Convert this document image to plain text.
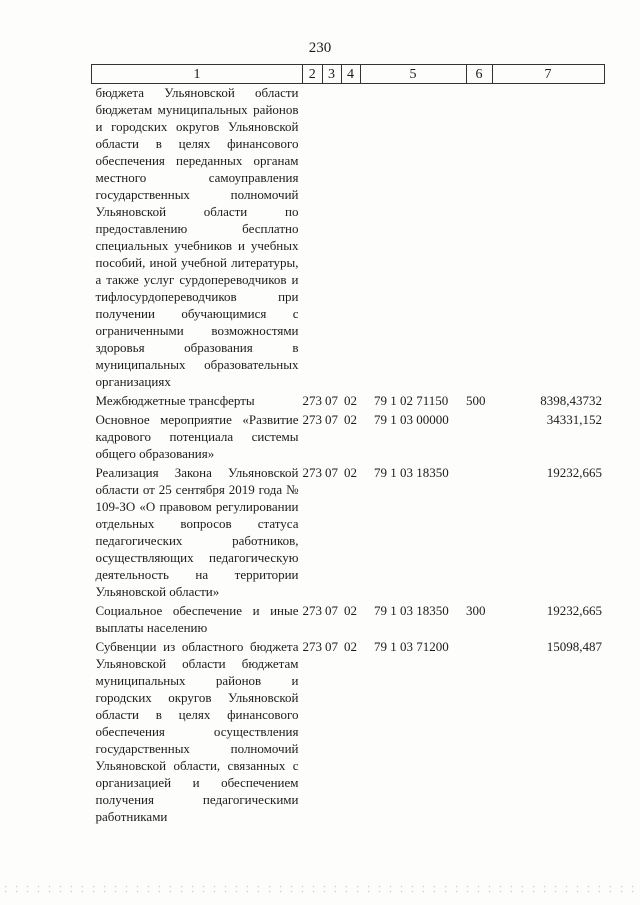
230
1	2	3	4	5	6	7
бюджета Ульяновской области бюджетам муниципальных районов и городских округов Ульяновской области в целях финансового обеспечения переданных органам местного самоуправления государственных полномочий Ульяновской области по предоставлению бесплатно специальных учебников и учебных пособий, иной учебной литературы, а также услуг сурдопереводчиков и тифлосурдопереводчиков при получении обучающимися с ограниченными возможностями здоровья образования в муниципальных образовательных организациях						
Межбюджетные трансферты	273	07	02	79 1 02 71150	500	8398,43732
Основное мероприятие «Развитие кадрового потенциала системы общего образования»	273	07	02	79 1 03 00000		34331,152
Реализация Закона Ульяновской области от 25 сентября 2019 года № 109-ЗО «О правовом регулировании отдельных вопросов статуса педагогических работников, осуществляющих педагогическую деятельность на территории Ульяновской области»	273	07	02	79 1 03 18350		19232,665
Социальное обеспечение и иные выплаты населению	273	07	02	79 1 03 18350	300	19232,665
Субвенции из областного бюджета Ульяновской области бюджетам муниципальных районов и городских округов Ульяновской области в целях финансового обеспечения осуществления государственных полномочий Ульяновской области, связанных с организацией и обеспечением получения педагогическими работниками	273	07	02	79 1 03 71200		15098,487
